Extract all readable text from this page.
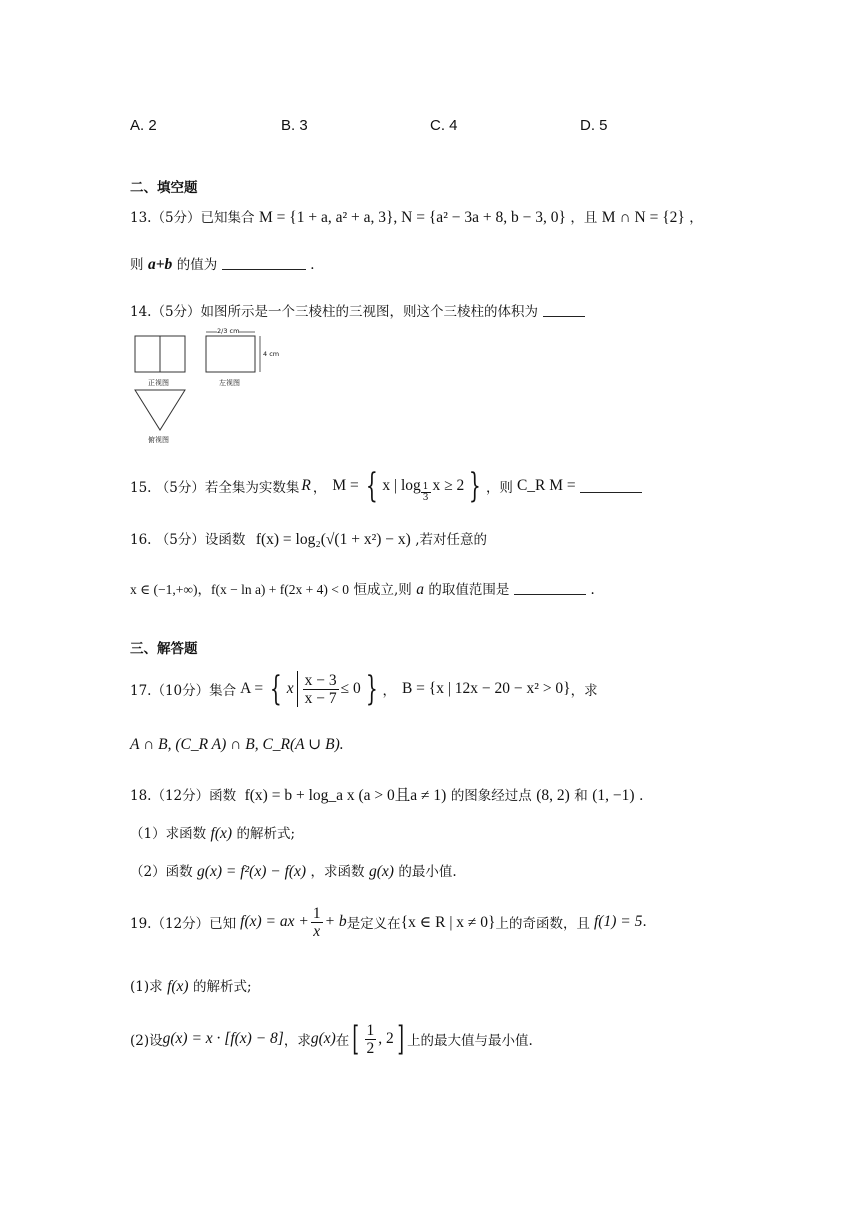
A. 2	B. 3	C. 4	D. 5
二、填空题
13.（5分）已知集合 M = {1 + a, a² + a, 3}, N = {a² − 3a + 8, b − 3, 0} ，且 M ∩ N = {2} ，
则 a+b 的值为	.
14.（5分）如图所示是一个三棱柱的三视图，则这个三棱柱的体积为
2/3 cm
4 cm
正视图	左视图
俯视图
15. （5分）若全集为实数集 R ， M = { x | $\log \frac{1}{3}$ x ≥ 2 } ，则 C_R M =
16. （5分）设函数 f(x) = log₂(√(1 + x²) − x) ,若对任意的
x ∈ (−1,+∞)，f(x − ln a) + f(2x + 4) < 0 恒成立,则 a 的取值范围是	.
三、解答题
17.（10分）集合 A = { x $\frac{x - 3}{x - 7} \le 0$ } ， B = {x | 12x − 20 − x² > 0} ，求
A ∩ B, (C_R A) ∩ B, C_R(A ∪ B).
18.（12分）函数 f(x) = b + log_a x (a > 0且a ≠ 1) 的图象经过点 (8, 2) 和 (1, −1) .
（1）求函数 f(x) 的解析式;
（2）函数 g(x) = f²(x) − f(x) ，求函数 g(x) 的最小值.
19.（12分）已知 f(x) = ax + $\frac{1}{x} + b$ 是定义在 {x ∈ R | x ≠ 0} 上的奇函数，且 f(1) = 5 .
(1)求 f(x) 的解析式;
(2)设 g(x) = x · [f(x) − 8] ，求 g(x) 在 [ $\frac{1}{2}$ , 2 ] 上的最大值与最小值.
